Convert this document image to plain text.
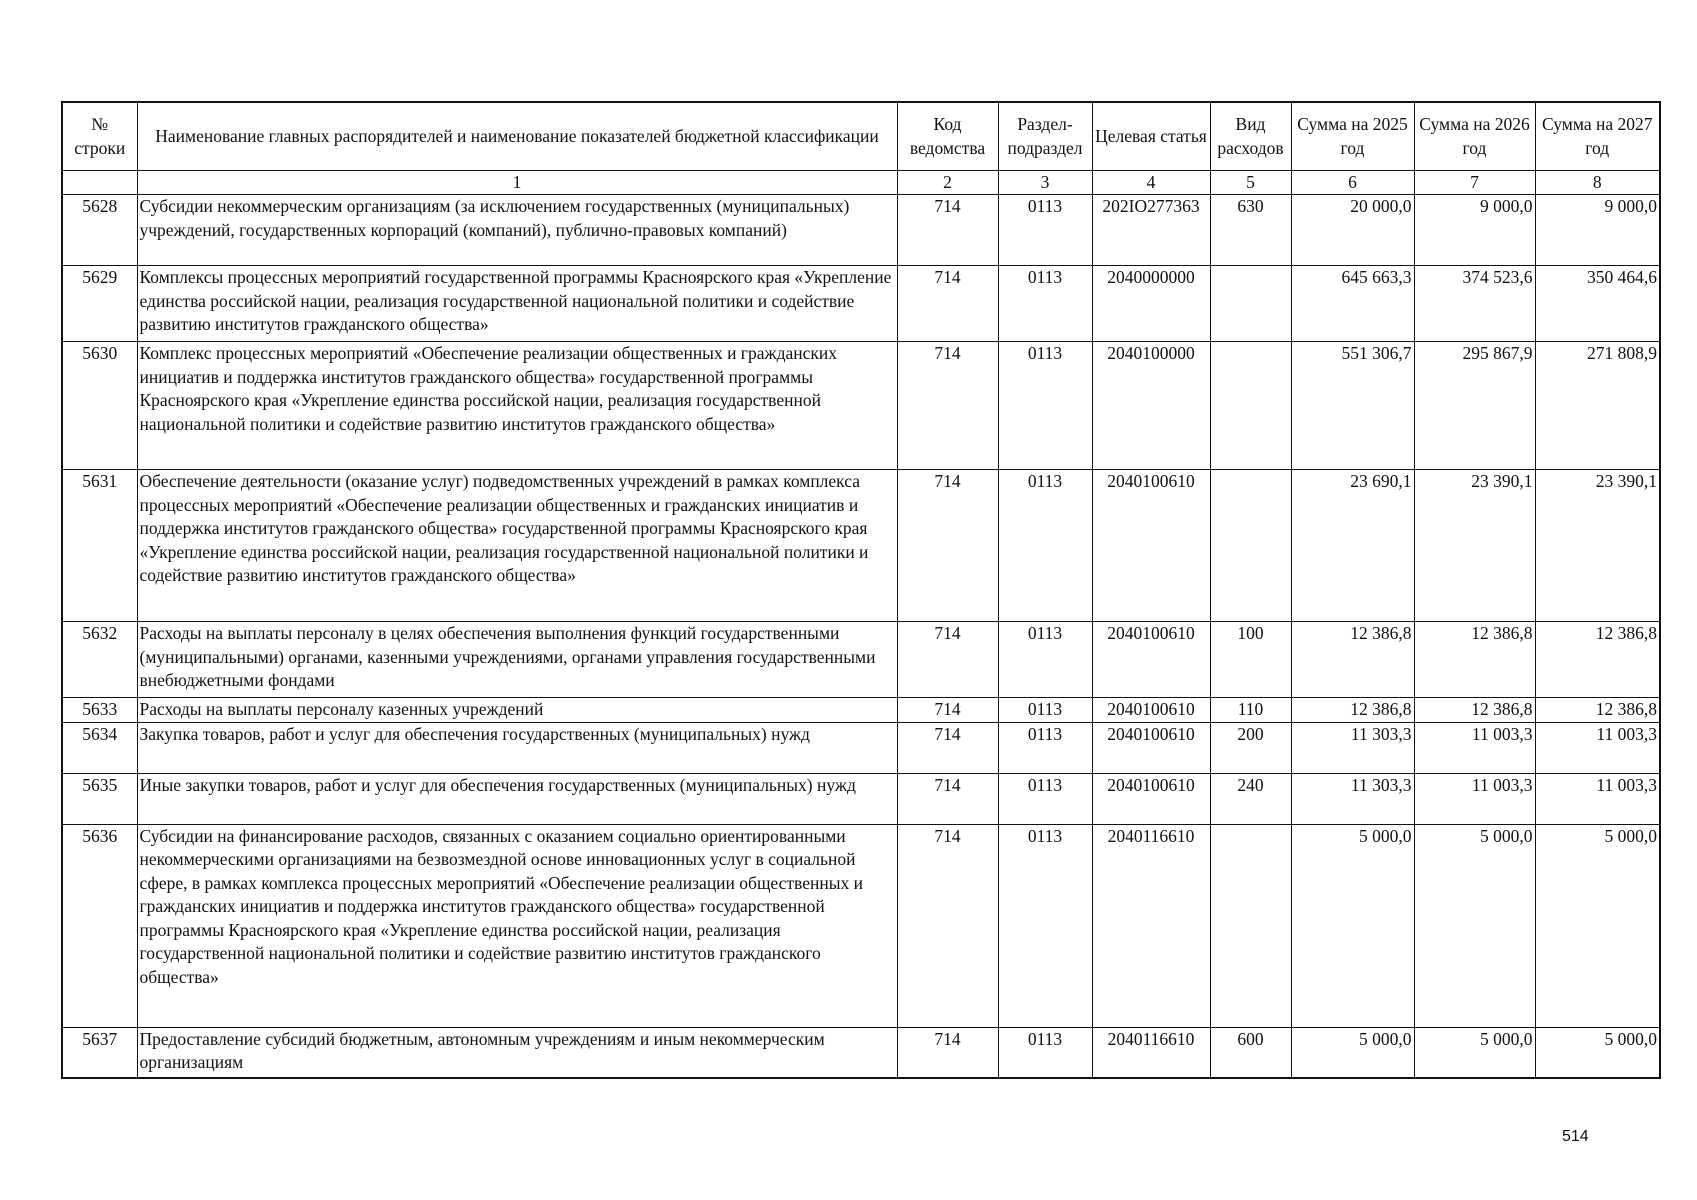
№ строки	Наименование главных распорядителей и наименование показателей бюджетной классификации	Код ведомства	Раздел-подраздел	Целевая статья	Вид расходов	Сумма на 2025 год	Сумма на 2026 год	Сумма на 2027 год
	1	2	3	4	5	6	7	8
5628	Субсидии некоммерческим организациям (за исключением государственных (муниципальных) учреждений, государственных корпораций (компаний), публично-правовых компаний)	714	0113	202IO277363	630	20 000,0	9 000,0	9 000,0
5629	Комплексы процессных мероприятий государственной программы Красноярского края «Укрепление единства российской нации, реализация государственной национальной политики и содействие развитию институтов гражданского общества»	714	0113	2040000000		645 663,3	374 523,6	350 464,6
5630	Комплекс процессных мероприятий «Обеспечение реализации общественных и гражданских инициатив и поддержка институтов гражданского общества» государственной программы Красноярского края «Укрепление единства российской нации, реализация государственной национальной политики и содействие развитию институтов гражданского общества»	714	0113	2040100000		551 306,7	295 867,9	271 808,9
5631	Обеспечение деятельности (оказание услуг) подведомственных учреждений в рамках комплекса процессных мероприятий «Обеспечение реализации общественных и гражданских инициатив и поддержка институтов гражданского общества» государственной программы Красноярского края «Укрепление единства российской нации, реализация государственной национальной политики и содействие развитию институтов гражданского общества»	714	0113	2040100610		23 690,1	23 390,1	23 390,1
5632	Расходы на выплаты персоналу в целях обеспечения выполнения функций государственными (муниципальными) органами, казенными учреждениями, органами управления государственными внебюджетными фондами	714	0113	2040100610	100	12 386,8	12 386,8	12 386,8
5633	Расходы на выплаты персоналу казенных учреждений	714	0113	2040100610	110	12 386,8	12 386,8	12 386,8
5634	Закупка товаров, работ и услуг для обеспечения государственных (муниципальных) нужд	714	0113	2040100610	200	11 303,3	11 003,3	11 003,3
5635	Иные закупки товаров, работ и услуг для обеспечения государственных (муниципальных) нужд	714	0113	2040100610	240	11 303,3	11 003,3	11 003,3
5636	Субсидии на финансирование расходов, связанных с оказанием социально ориентированными некоммерческими организациями на безвозмездной основе инновационных услуг в социальной сфере, в рамках комплекса процессных мероприятий «Обеспечение реализации общественных и гражданских инициатив и поддержка институтов гражданского общества» государственной программы Красноярского края «Укрепление единства российской нации, реализация государственной национальной политики и содействие развитию институтов гражданского общества»	714	0113	2040116610		5 000,0	5 000,0	5 000,0
5637	Предоставление субсидий бюджетным, автономным учреждениям и иным некоммерческим организациям	714	0113	2040116610	600	5 000,0	5 000,0	5 000,0
514
